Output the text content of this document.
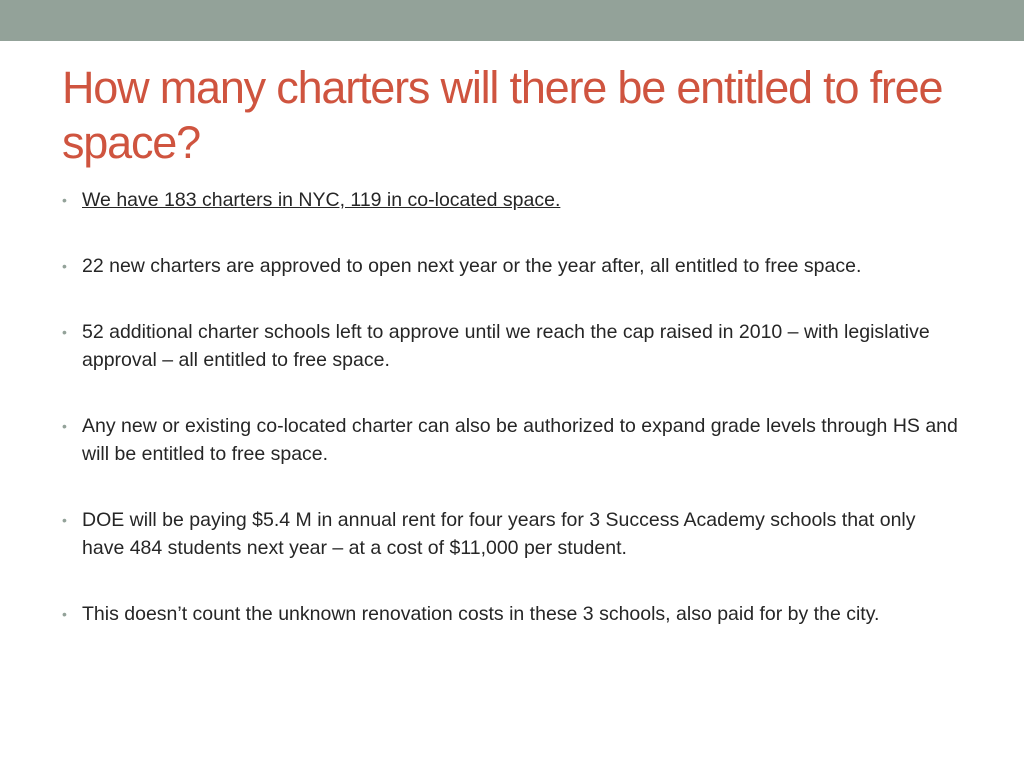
How many charters will there be entitled to free space?
• We have 183 charters in NYC, 119 in co-located space.
• 22 new charters are approved to open next year or the year after, all entitled to free space.
• 52 additional charter schools left to approve until we reach the cap raised in 2010 – with legislative approval – all entitled to free space.
• Any new or existing co-located charter can also be authorized to expand grade levels through HS and will be entitled to free space.
• DOE will be paying $5.4 M in annual rent for four years for 3 Success Academy schools that only have 484 students next year – at a cost of $11,000 per student.
• This doesn’t count the unknown renovation costs in these 3 schools, also paid for by the city.
